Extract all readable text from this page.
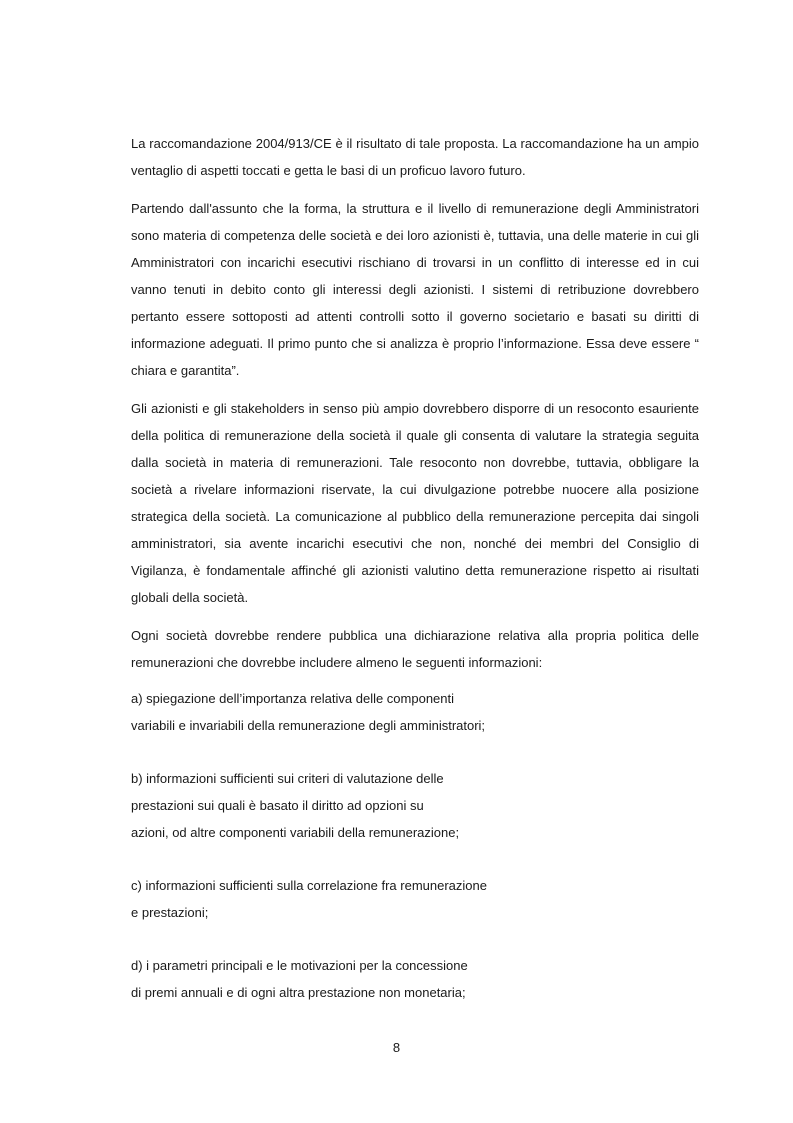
La raccomandazione 2004/913/CE è il risultato di tale proposta. La raccomandazione ha un ampio ventaglio di aspetti toccati e getta le basi di un proficuo lavoro futuro.

Partendo dall'assunto che la forma, la struttura e il livello di remunerazione degli Amministratori sono materia di competenza delle società e dei loro azionisti è, tuttavia, una delle materie in cui gli Amministratori con incarichi esecutivi rischiano di trovarsi in un conflitto di interesse ed in cui vanno tenuti in debito conto gli interessi degli azionisti. I sistemi di retribuzione dovrebbero pertanto essere sottoposti ad attenti controlli sotto il governo societario e basati su diritti di informazione adeguati. Il primo punto che si analizza è proprio l’informazione. Essa deve essere “ chiara e garantita”.

Gli azionisti e gli stakeholders in senso più ampio dovrebbero disporre di un resoconto esauriente della politica di remunerazione della società il quale gli consenta di valutare la strategia seguita dalla società in materia di remunerazioni. Tale resoconto non dovrebbe, tuttavia, obbligare la società a rivelare informazioni riservate, la cui divulgazione potrebbe nuocere alla posizione strategica della società. La comunicazione al pubblico della remunerazione percepita dai singoli amministratori, sia avente incarichi esecutivi che non, nonché dei membri del Consiglio di Vigilanza, è fondamentale affinché gli azionisti valutino detta remunerazione rispetto ai risultati globali della società.

Ogni società dovrebbe rendere pubblica una dichiarazione relativa alla propria politica delle remunerazioni che dovrebbe includere almeno le seguenti informazioni:

a) spiegazione dell’importanza relativa delle componenti
variabili e invariabili della remunerazione degli amministratori;
b) informazioni sufficienti sui criteri di valutazione delle
prestazioni sui quali è basato il diritto ad opzioni su
azioni, od altre componenti variabili della remunerazione;
c) informazioni sufficienti sulla correlazione fra remunerazione
e prestazioni;
d) i parametri principali e le motivazioni per la concessione
di premi annuali e di ogni altra prestazione non monetaria;
8
